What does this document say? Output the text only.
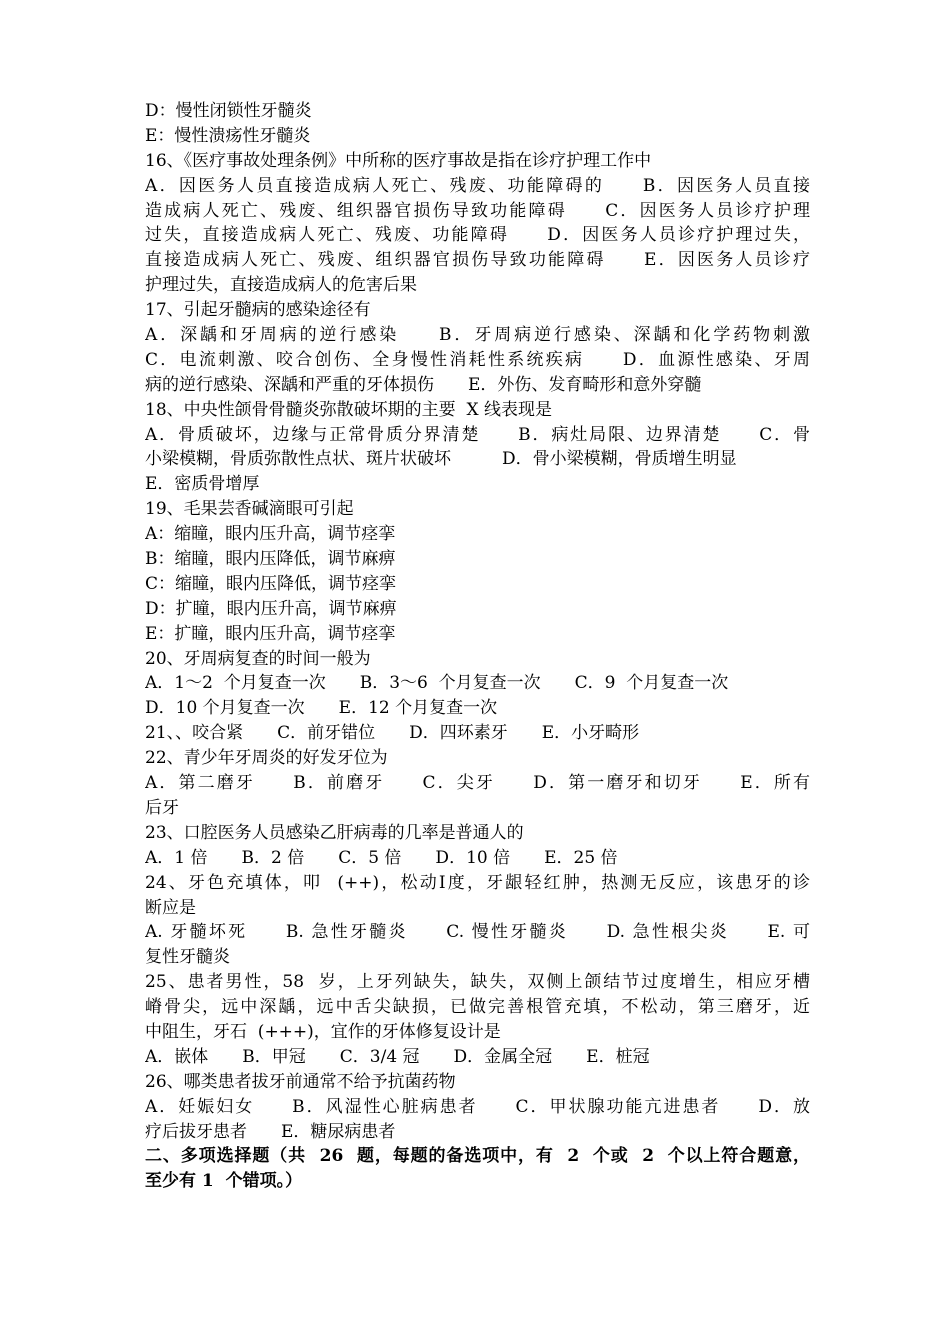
D：慢性闭锁性牙髓炎
E：慢性溃疡性牙髓炎
16、《医疗事故处理条例》中所称的医疗事故是指在诊疗护理工作中
A．因医务人员直接造成病人死亡、残废、功能障碍的　　B．因医务人员直接
造成病人死亡、残废、组织器官损伤导致功能障碍　　C．因医务人员诊疗护理
过失，直接造成病人死亡、残废、功能障碍　　D．因医务人员诊疗护理过失，
直接造成病人死亡、残废、组织器官损伤导致功能障碍　　E．因医务人员诊疗
护理过失，直接造成病人的危害后果
17、引起牙髓病的感染途径有
A．深龋和牙周病的逆行感染　　B．牙周病逆行感染、深龋和化学药物刺激
C．电流刺激、咬合创伤、全身慢性消耗性系统疾病　　D．血源性感染、牙周
病的逆行感染、深龋和严重的牙体损伤　　E．外伤、发育畸形和意外穿髓
18、中央性颌骨骨髓炎弥散破坏期的主要  X 线表现是
A．骨质破坏，边缘与正常骨质分界清楚　　B．病灶局限、边界清楚　　C．骨
小梁模糊，骨质弥散性点状、斑片状破坏　　　D．骨小梁模糊，骨质增生明显
E．密质骨增厚
19、毛果芸香碱滴眼可引起
A：缩瞳，眼内压升高，调节痉挛
B：缩瞳，眼内压降低，调节麻痹
C：缩瞳，眼内压降低，调节痉挛
D：扩瞳，眼内压升高，调节麻痹
E：扩瞳，眼内压升高，调节痉挛
20、牙周病复查的时间一般为
A．1～2  个月复查一次　　B．3～6  个月复查一次　　C．9  个月复查一次
D．10 个月复查一次　　E．12 个月复查一次
21、、咬合紧　　C．前牙错位　　D．四环素牙　　E．小牙畸形
22、青少年牙周炎的好发牙位为
A．第二磨牙　　B．前磨牙　　C．尖牙　　D．第一磨牙和切牙　　E．所有
后牙
23、口腔医务人员感染乙肝病毒的几率是普通人的
A．1 倍　　B．2 倍　　C．5 倍　　D．10 倍　　E．25 倍
24、牙色充填体，叩  (++)，松动Ⅰ度，牙龈轻红肿，热测无反应，该患牙的诊
断应是
A. 牙髓坏死　　B. 急性牙髓炎　　C. 慢性牙髓炎　　D. 急性根尖炎　　E. 可
复性牙髓炎
25、患者男性，58  岁，上牙列缺失，缺失，双侧上颌结节过度增生，相应牙槽
嵴骨尖，远中深龋，远中舌尖缺损，已做完善根管充填，不松动，第三磨牙，近
中阻生，牙石  (+++)，宜作的牙体修复设计是
A．嵌体　　B．甲冠　　C．3/4 冠　　D．金属全冠　　E．桩冠
26、哪类患者拔牙前通常不给予抗菌药物
A．妊娠妇女　　B．风湿性心脏病患者　　C．甲状腺功能亢进患者　　D．放
疗后拔牙患者　　E．糖尿病患者
二、多项选择题（共  26  题，每题的备选项中，有  2  个或  2  个以上符合题意，
至少有 1  个错项。）
